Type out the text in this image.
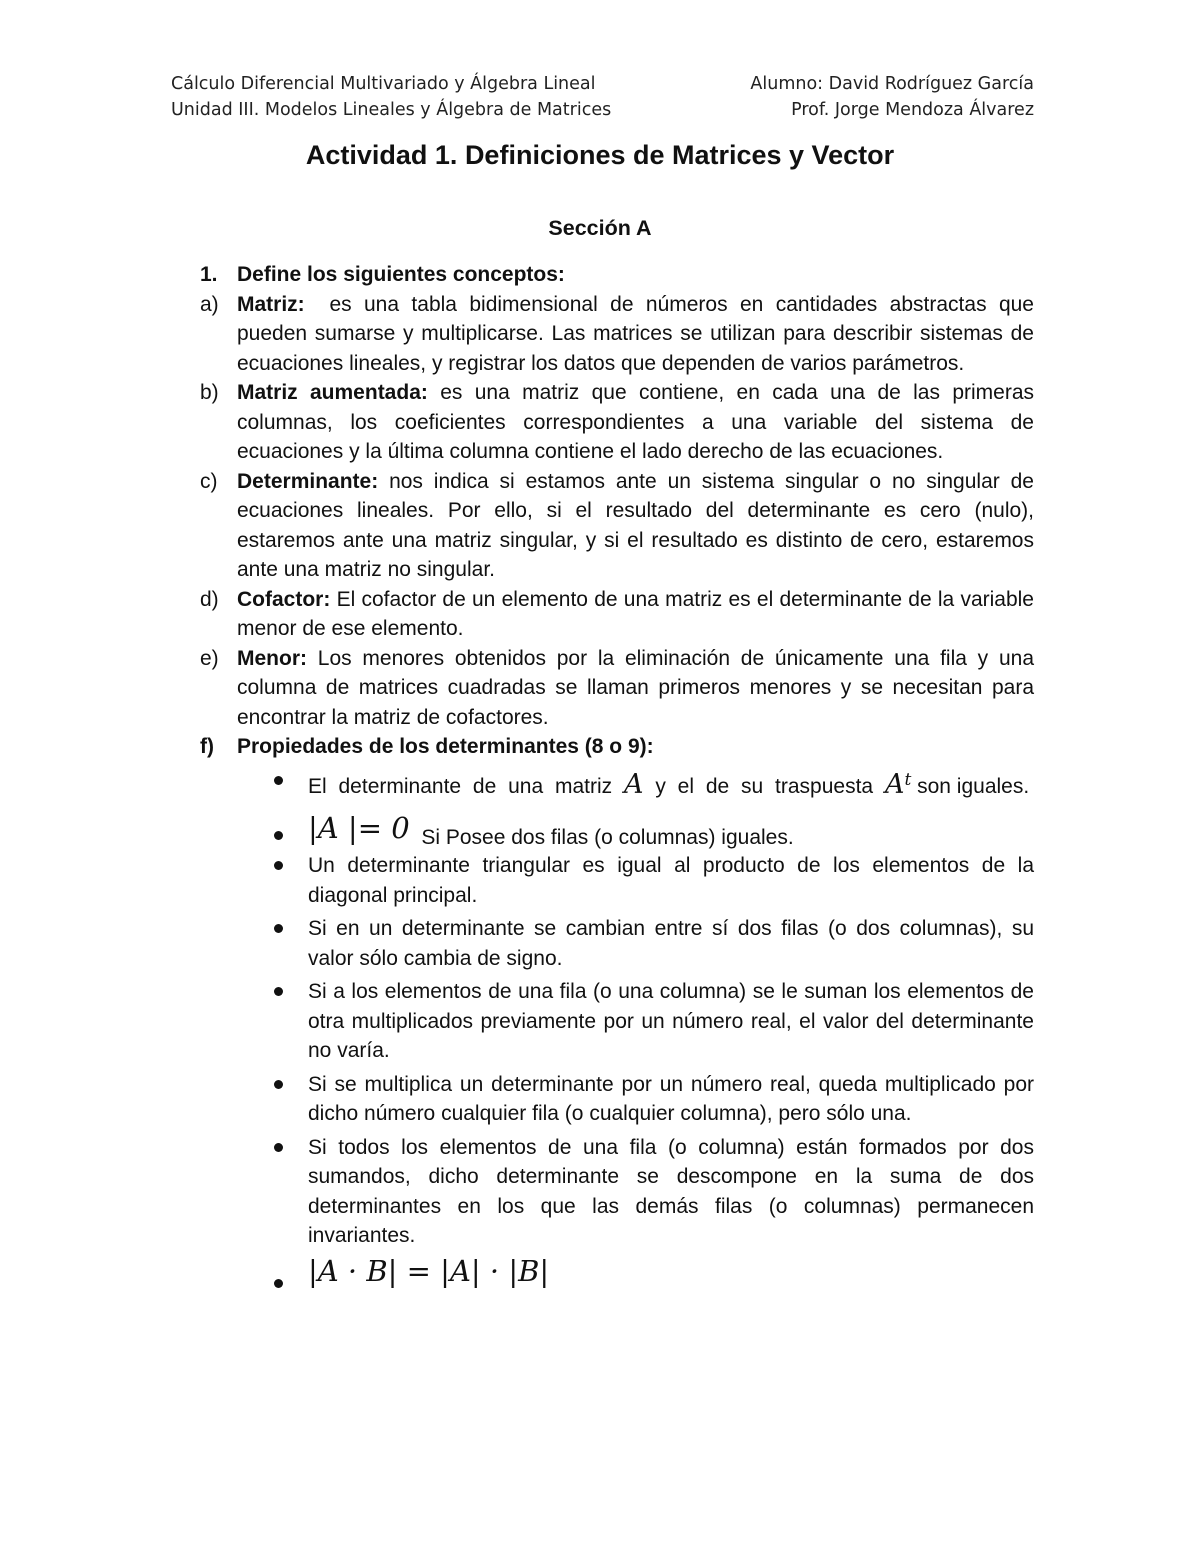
Cálculo Diferencial Multivariado y Álgebra Lineal
Unidad III. Modelos Lineales y Álgebra de Matrices
Alumno: David Rodríguez García
Prof. Jorge Mendoza Álvarez
Actividad 1. Definiciones de Matrices y Vector
Sección A
1. Define los siguientes conceptos:
a) Matriz:  es una tabla bidimensional de números en cantidades abstractas que pueden sumarse y multiplicarse. Las matrices se utilizan para describir sistemas de ecuaciones lineales, y registrar los datos que dependen de varios parámetros.
b) Matriz aumentada: es una matriz que contiene, en cada una de las primeras columnas, los coeficientes correspondientes a una variable del sistema de ecuaciones y la última columna contiene el lado derecho de las ecuaciones.
c) Determinante: nos indica si estamos ante un sistema singular o no singular de ecuaciones lineales. Por ello, si el resultado del determinante es cero (nulo), estaremos ante una matriz singular, y si el resultado es distinto de cero, estaremos ante una matriz no singular.
d) Cofactor: El cofactor de un elemento de una matriz es el determinante de la variable menor de ese elemento.
e) Menor: Los menores obtenidos por la eliminación de únicamente una fila y una columna de matrices cuadradas se llaman primeros menores y se necesitan para encontrar la matriz de cofactores.
f) Propiedades de los determinantes (8 o 9):
El determinante de una matriz A y el de su traspuesta $A^t$ son iguales.
|A |= 0  Si Posee dos filas (o columnas) iguales.
Un determinante triangular es igual al producto de los elementos de la diagonal principal.
Si en un determinante se cambian entre sí dos filas (o dos columnas), su valor sólo cambia de signo.
Si a los elementos de una fila (o una columna) se le suman los elementos de otra multiplicados previamente por un número real, el valor del determinante no varía.
Si se multiplica un determinante por un número real, queda multiplicado por dicho número cualquier fila (o cualquier columna), pero sólo una.
Si todos los elementos de una fila (o columna) están formados por dos sumandos, dicho determinante se descompone en la suma de dos determinantes en los que las demás filas (o columnas) permanecen invariantes.
|A · B| = |A| · |B|
